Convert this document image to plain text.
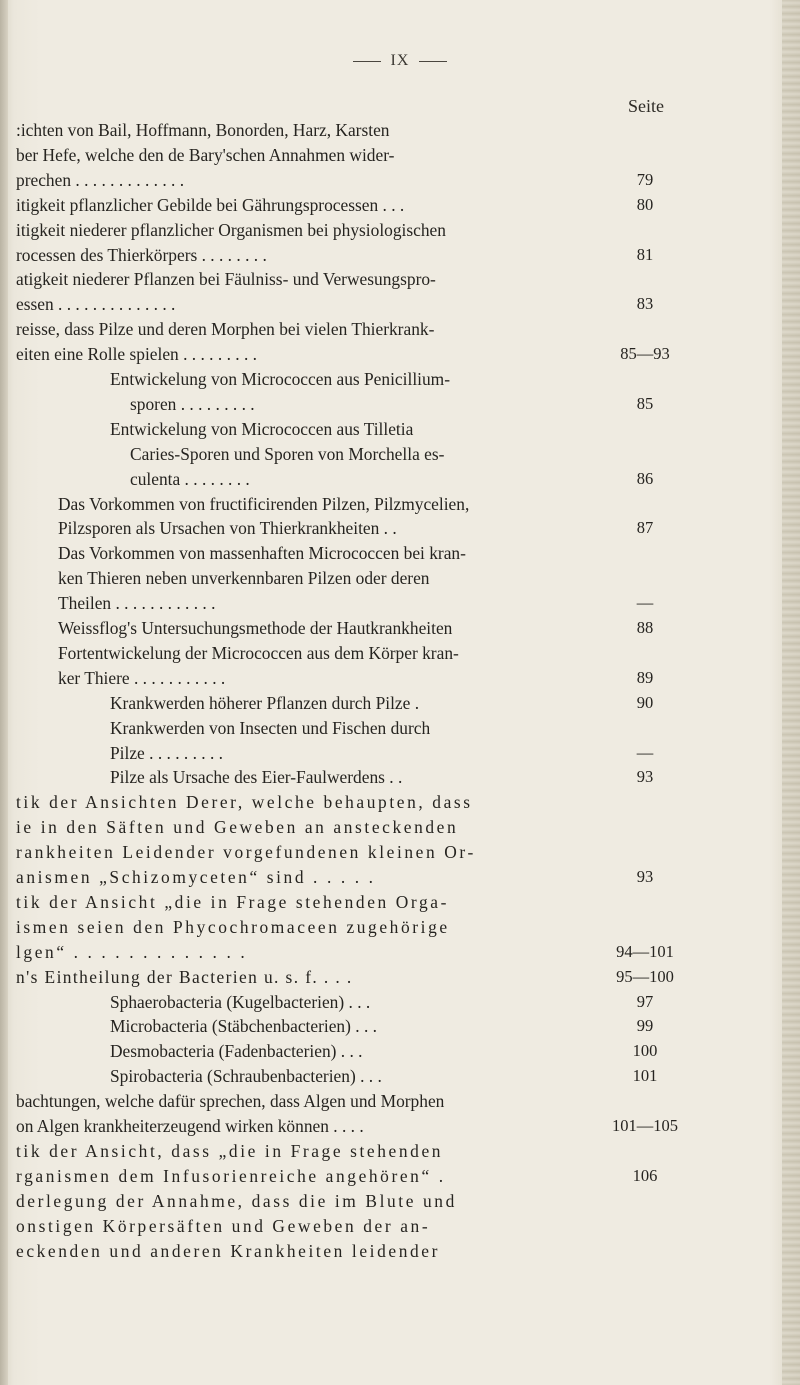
IX
Seite
:ichten von Bail, Hoffmann, Bonorden, Harz, Karsten
ber Hefe, welche den de Bary'schen Annahmen wider-
prechen . . . . . . . . . . . . .	79
itigkeit pflanzlicher Gebilde bei Gährungsprocessen . . .	80
itigkeit niederer pflanzlicher Organismen bei physiologischen
rocessen des Thierkörpers . . . . . . . .	81
atigkeit niederer Pflanzen bei Fäulniss- und Verwesungspro-
essen . . . . . . . . . . . . . .	83
reisse, dass Pilze und deren Morphen bei vielen Thierkrank-
eiten eine Rolle spielen . . . . . . . . .	85—93
Entwickelung von Micrococcen aus Penicillium-
sporen . . . . . . . . .	85
Entwickelung von Micrococcen aus Tilletia
Caries-Sporen und Sporen von Morchella es-
culenta . . . . . . . .	86
Das Vorkommen von fructificirenden Pilzen, Pilzmycelien,
Pilzsporen als Ursachen von Thierkrankheiten . .	87
Das Vorkommen von massenhaften Micrococcen bei kran-
ken Thieren neben unverkennbaren Pilzen oder deren
Theilen . . . . . . . . . . . .	—
Weissflog's Untersuchungsmethode der Hautkrankheiten	88
Fortentwickelung der Micrococcen aus dem Körper kran-
ker Thiere . . . . . . . . . . .	89
Krankwerden höherer Pflanzen durch Pilze .	90
Krankwerden von Insecten und Fischen durch
Pilze . . . . . . . . .	—
Pilze als Ursache des Eier-Faulwerdens . .	93
tik der Ansichten Derer, welche behaupten, dass
ie in den Säften und Geweben an ansteckenden
rankheiten Leidender vorgefundenen kleinen Or-
anismen „Schizomyceten“ sind . . . . .	93
tik der Ansicht „die in Frage stehenden Orga-
ismen seien den Phycochromaceen zugehörige
lgen“ . . . . . . . . . . . . .	94—101
n's Eintheilung der Bacterien u. s. f. . . .	95—100
Sphaerobacteria (Kugelbacterien) . . .	97
Microbacteria (Stäbchenbacterien) . . .	99
Desmobacteria (Fadenbacterien) . . .	100
Spirobacteria (Schraubenbacterien) . . .	101
bachtungen, welche dafür sprechen, dass Algen und Morphen
on Algen krankheiterzeugend wirken können . . . .	101—105
tik der Ansicht, dass „die in Frage stehenden
rganismen dem Infusorienreiche angehören“ .	106
derlegung der Annahme, dass die im Blute und
onstigen Körpersäften und Geweben der an-
eckenden und anderen Krankheiten leidender
